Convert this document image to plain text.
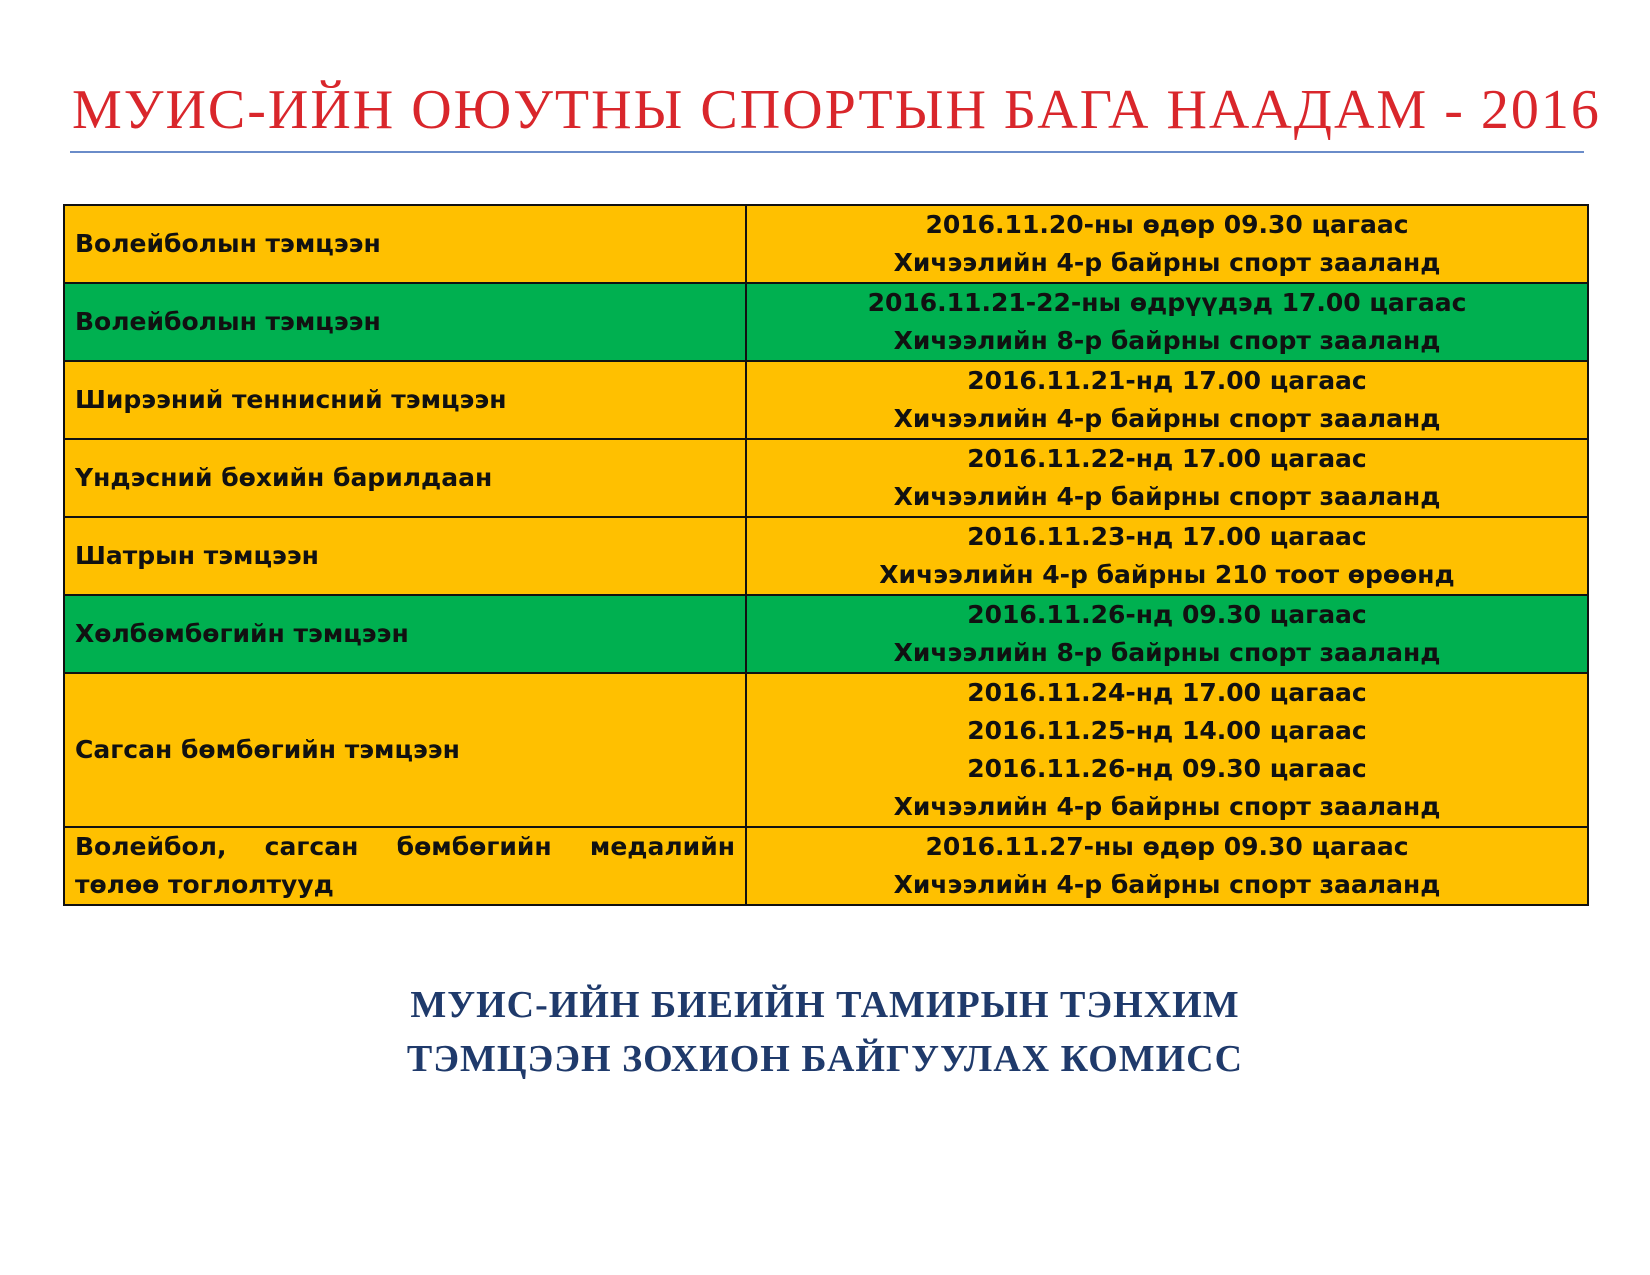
МУИС-ИЙН ОЮУТНЫ СПОРТЫН БАГА НААДАМ - 2016
Волейболын тэмцээн	2016.11.20-ны өдөр 09.30 цагаас
Хичээлийн 4-р байрны спорт зааланд

Волейболын тэмцээн	2016.11.21-22-ны өдрүүдэд 17.00 цагаас
Хичээлийн 8-р байрны спорт зааланд

Ширээний теннисний тэмцээн	2016.11.21-нд 17.00 цагаас
Хичээлийн 4-р байрны спорт зааланд

Үндэсний бөхийн барилдаан	2016.11.22-нд 17.00 цагаас
Хичээлийн 4-р байрны спорт зааланд

Шатрын тэмцээн	2016.11.23-нд 17.00 цагаас
Хичээлийн 4-р байрны 210 тоот өрөөнд

Хөлбөмбөгийн тэмцээн	2016.11.26-нд 09.30 цагаас
Хичээлийн 8-р байрны спорт зааланд

Сагсан бөмбөгийн тэмцээн	2016.11.24-нд 17.00 цагаас
2016.11.25-нд 14.00 цагаас
2016.11.26-нд 09.30 цагаас
Хичээлийн 4-р байрны спорт зааланд

Волейбол, сагсан бөмбөгийн медалийн төлөө тоглолтууд	2016.11.27-ны өдөр 09.30 цагаас
Хичээлийн 4-р байрны спорт зааланд
МУИС-ИЙН БИЕИЙН ТАМИРЫН ТЭНХИМ
ТЭМЦЭЭН ЗОХИОН БАЙГУУЛАХ КОМИСС
